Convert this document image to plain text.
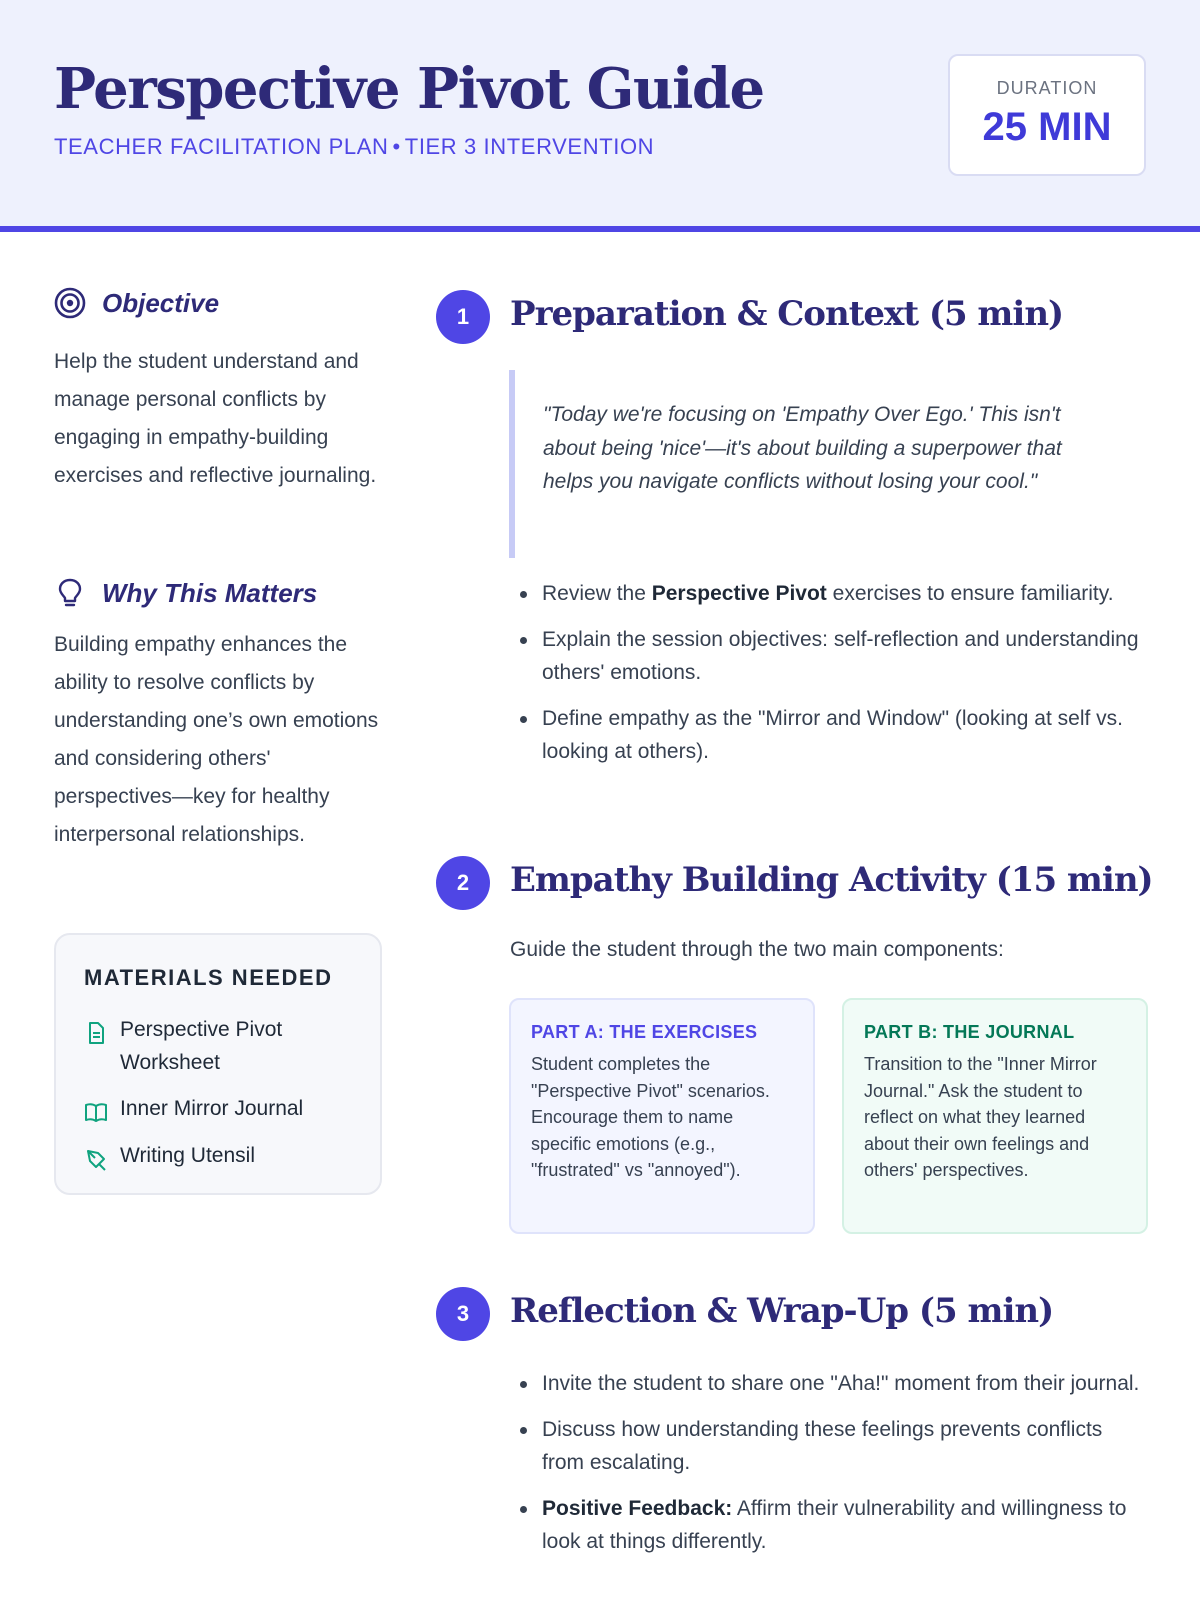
Perspective Pivot Guide
TEACHER FACILITATION PLAN • TIER 3 INTERVENTION
DURATION
25 MIN
Objective
Help the student understand and manage personal conflicts by engaging in empathy-building exercises and reflective journaling.
Why This Matters
Building empathy enhances the ability to resolve conflicts by understanding one’s own emotions and considering others' perspectives—key for healthy interpersonal relationships.
MATERIALS NEEDED
Perspective Pivot Worksheet
Inner Mirror Journal
Writing Utensil
1	Preparation & Context (5 min)
"Today we're focusing on 'Empathy Over Ego.' This isn't about being 'nice'—it's about building a superpower that helps you navigate conflicts without losing your cool."
Review the Perspective Pivot exercises to ensure familiarity.
Explain the session objectives: self-reflection and understanding others' emotions.
Define empathy as the "Mirror and Window" (looking at self vs. looking at others).
2	Empathy Building Activity (15 min)
Guide the student through the two main components:
PART A: THE EXERCISES
Student completes the "Perspective Pivot" scenarios. Encourage them to name specific emotions (e.g., "frustrated" vs "annoyed").
PART B: THE JOURNAL
Transition to the "Inner Mirror Journal." Ask the student to reflect on what they learned about their own feelings and others' perspectives.
3	Reflection & Wrap-Up (5 min)
Invite the student to share one "Aha!" moment from their journal.
Discuss how understanding these feelings prevents conflicts from escalating.
Positive Feedback: Affirm their vulnerability and willingness to look at things differently.
